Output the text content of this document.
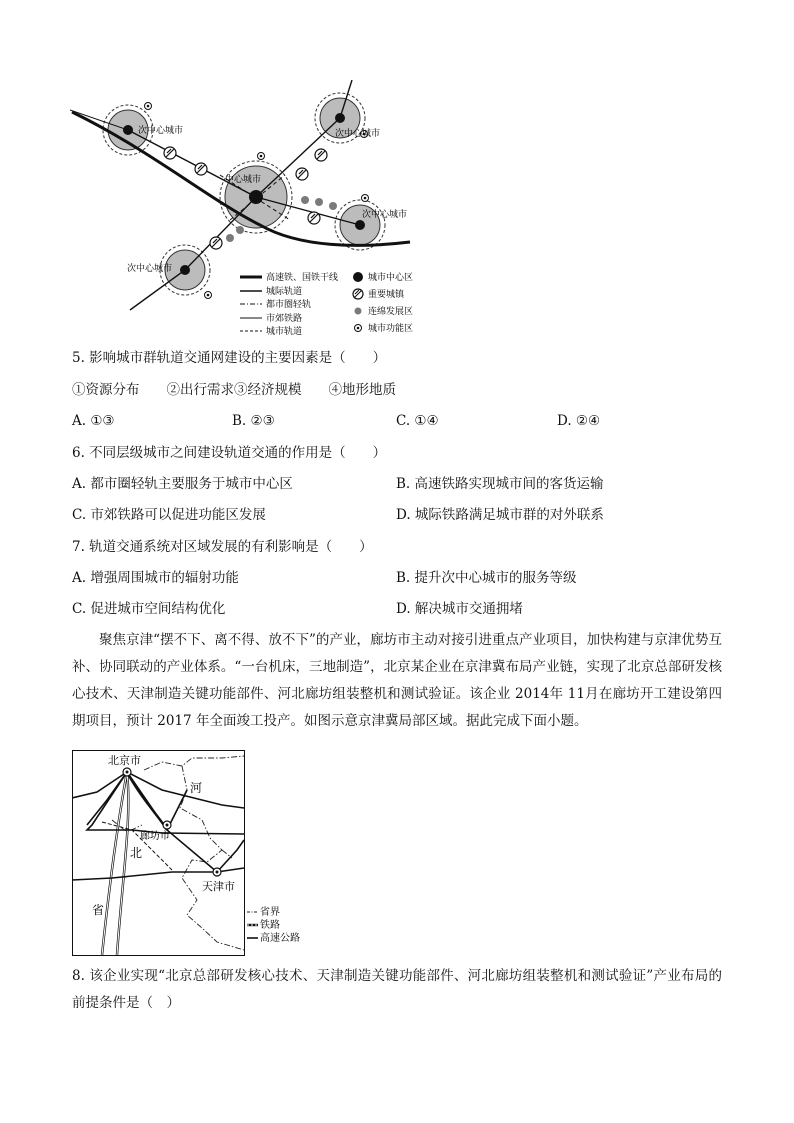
次中心城市	次中心城市
中心城市
次中心城市
次中心城市
高速铁、国铁干线
城际轨道
都市圈轻轨
市郊铁路
城市轨道
城市中心区
重要城镇
连绵发展区
城市功能区
5. 影响城市群轨道交通网建设的主要因素是（　　）
①资源分布　　②出行需求③经济规模　　④地形地质
A. ①③	B. ②③	C. ①④	D. ②④
6. 不同层级城市之间建设轨道交通的作用是（　　）
A. 都市圈轻轨主要服务于城市中心区	B. 高速铁路实现城市间的客货运输
C. 市郊铁路可以促进功能区发展	D. 城际铁路满足城市群的对外联系
7. 轨道交通系统对区域发展的有利影响是（　　）
A. 增强周围城市的辐射功能	B. 提升次中心城市的服务等级
C. 促进城市空间结构优化	D. 解决城市交通拥堵
聚焦京津“摆不下、离不得、放不下”的产业，廊坊市主动对接引进重点产业项目，加快构建与京津优势互补、协同联动的产业体系。“一台机床，三地制造”，北京某企业在京津冀布局产业链，实现了北京总部研发核心技术、天津制造关键功能部件、河北廊坊组装整机和测试验证。该企业 2014年 11月在廊坊开工建设第四期项目，预计 2017 年全面竣工投产。如图示意京津冀局部区域。据此完成下面小题。
北京市
廊坊市
天津市
河
北
省	省界
铁路
高速公路
8. 该企业实现“北京总部研发核心技术、天津制造关键功能部件、河北廊坊组装整机和测试验证”产业布局的前提条件是（　）
